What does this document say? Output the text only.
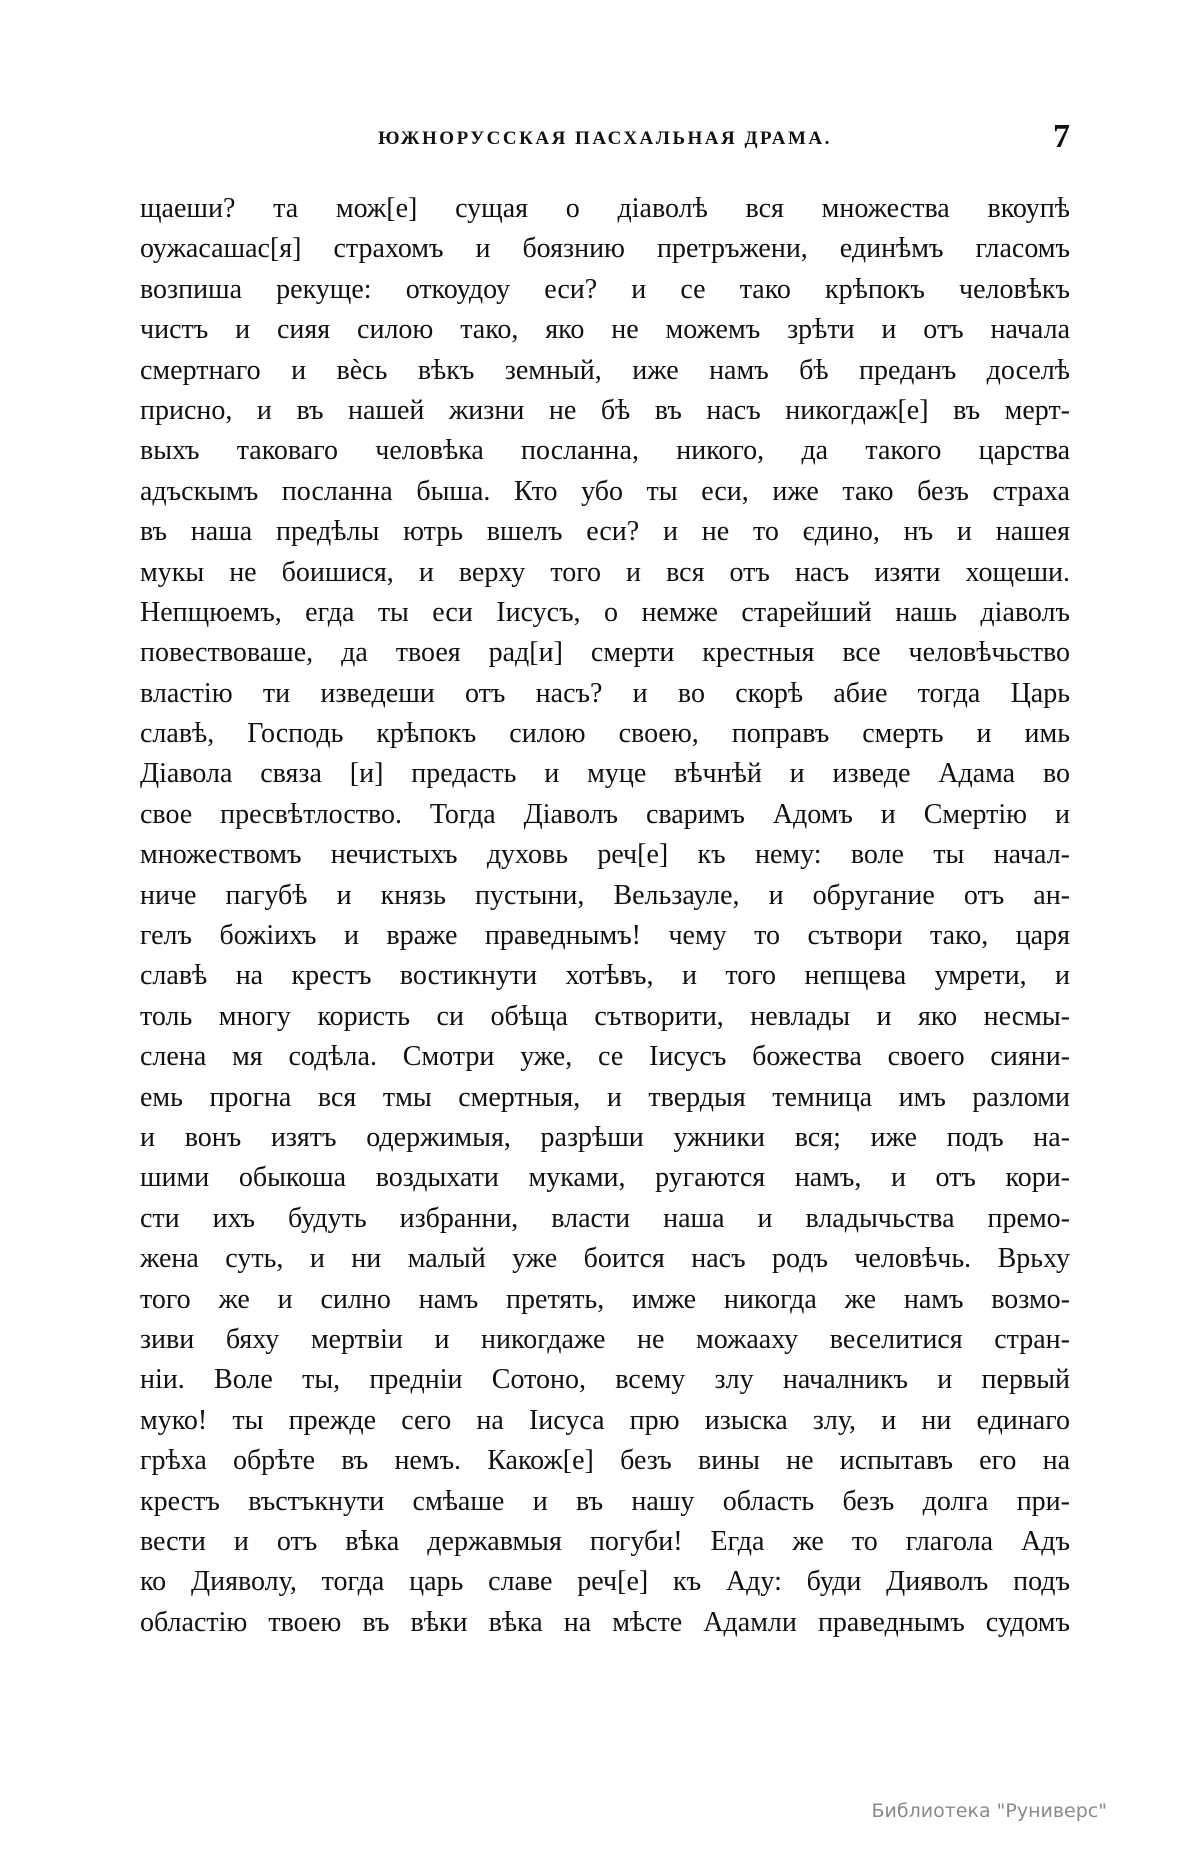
ЮЖНОРУССКАЯ ПАСХАЛЬНАЯ ДРАМА.	7
щаеши? та мож[е] сущая о діаволѣ вся множества вкоупѣ
оужасашас[я] страхомъ и боязнию претръжени, единѣмъ гласомъ
возпиша рекуще: откоудоу еси? и се тако крѣпокъ человѣкъ
чистъ и сияя силою тако, яко не можемъ зрѣти и отъ начала
смертнаго и вѐсь вѣкъ земный, иже намъ бѣ преданъ доселѣ
присно, и въ нашей жизни не бѣ въ насъ никогдаж[е] въ мерт-
выхъ таковаго человѣка посланна, никого, да такого царства
адъскымъ посланна быша. Кто убо ты еси, иже тако безъ страха
въ наша предѣлы ютрь вшелъ еси? и не то єдино, нъ и нашея
мукы не боишися, и верху того и вся отъ насъ изяти хощеши.
Непщюемъ, егда ты еси Іисусъ, о немже старейший нашь діаволъ
повествоваше, да твоея рад[и] смерти крестныя все человѣчьство
властію ти изведеши отъ насъ? и во скорѣ абие тогда Царь
славѣ, Господь крѣпокъ силою своею, поправъ смерть и имь
Діавола связа [и] предасть и муце вѣчнѣй и изведе Адама во
свое пресвѣтлоство. Тогда Діаволъ сваримъ Адомъ и Смертію и
множествомъ нечистыхъ духовь реч[е] къ нему: воле ты начал-
ниче пагубѣ и князь пустыни, Вельзауле, и обругание отъ ан-
гелъ божіихъ и враже праведнымъ! чему то сътвори тако, царя
славѣ на крестъ востикнути хотѣвъ, и того непщева умрети, и
толь многу користь си обѣща сътворити, невлады и яко несмы-
слена мя содѣла. Смотри уже, се Іисусъ божества своего сияни-
емь прогна вся тмы смертныя, и твердыя темница имъ разломи
и вонъ изятъ одержимыя, разрѣши ужники вся; иже подъ на-
шими обыкоша воздыхати муками, ругаются намъ, и отъ кори-
сти ихъ будуть избранни, власти наша и владычьства премо-
жена суть, и ни малый уже боится насъ родъ человѣчь. Врьху
того же и силно намъ претять, имже никогда же намъ возмо-
зиви бяху мертвіи и никогдаже не можааху веселитися стран-
ніи. Воле ты, предніи Сотоно, всему злу началникъ и первый
муко! ты прежде сего на Іисуса прю изыска злу, и ни единаго
грѣха обрѣте въ немъ. Какож[е] безъ вины не испытавъ его на
крестъ въстъкнути смѣаше и въ нашу область безъ долга при-
вести и отъ вѣка державмыя погуби! Егда же то глагола Адъ
ко Дияволу, тогда царь славе реч[е] къ Аду: буди Дияволъ подъ
областію твоею въ вѣки вѣка на мѣсте Адамли праведнымъ судомъ
Библиотека "Руниверс"
